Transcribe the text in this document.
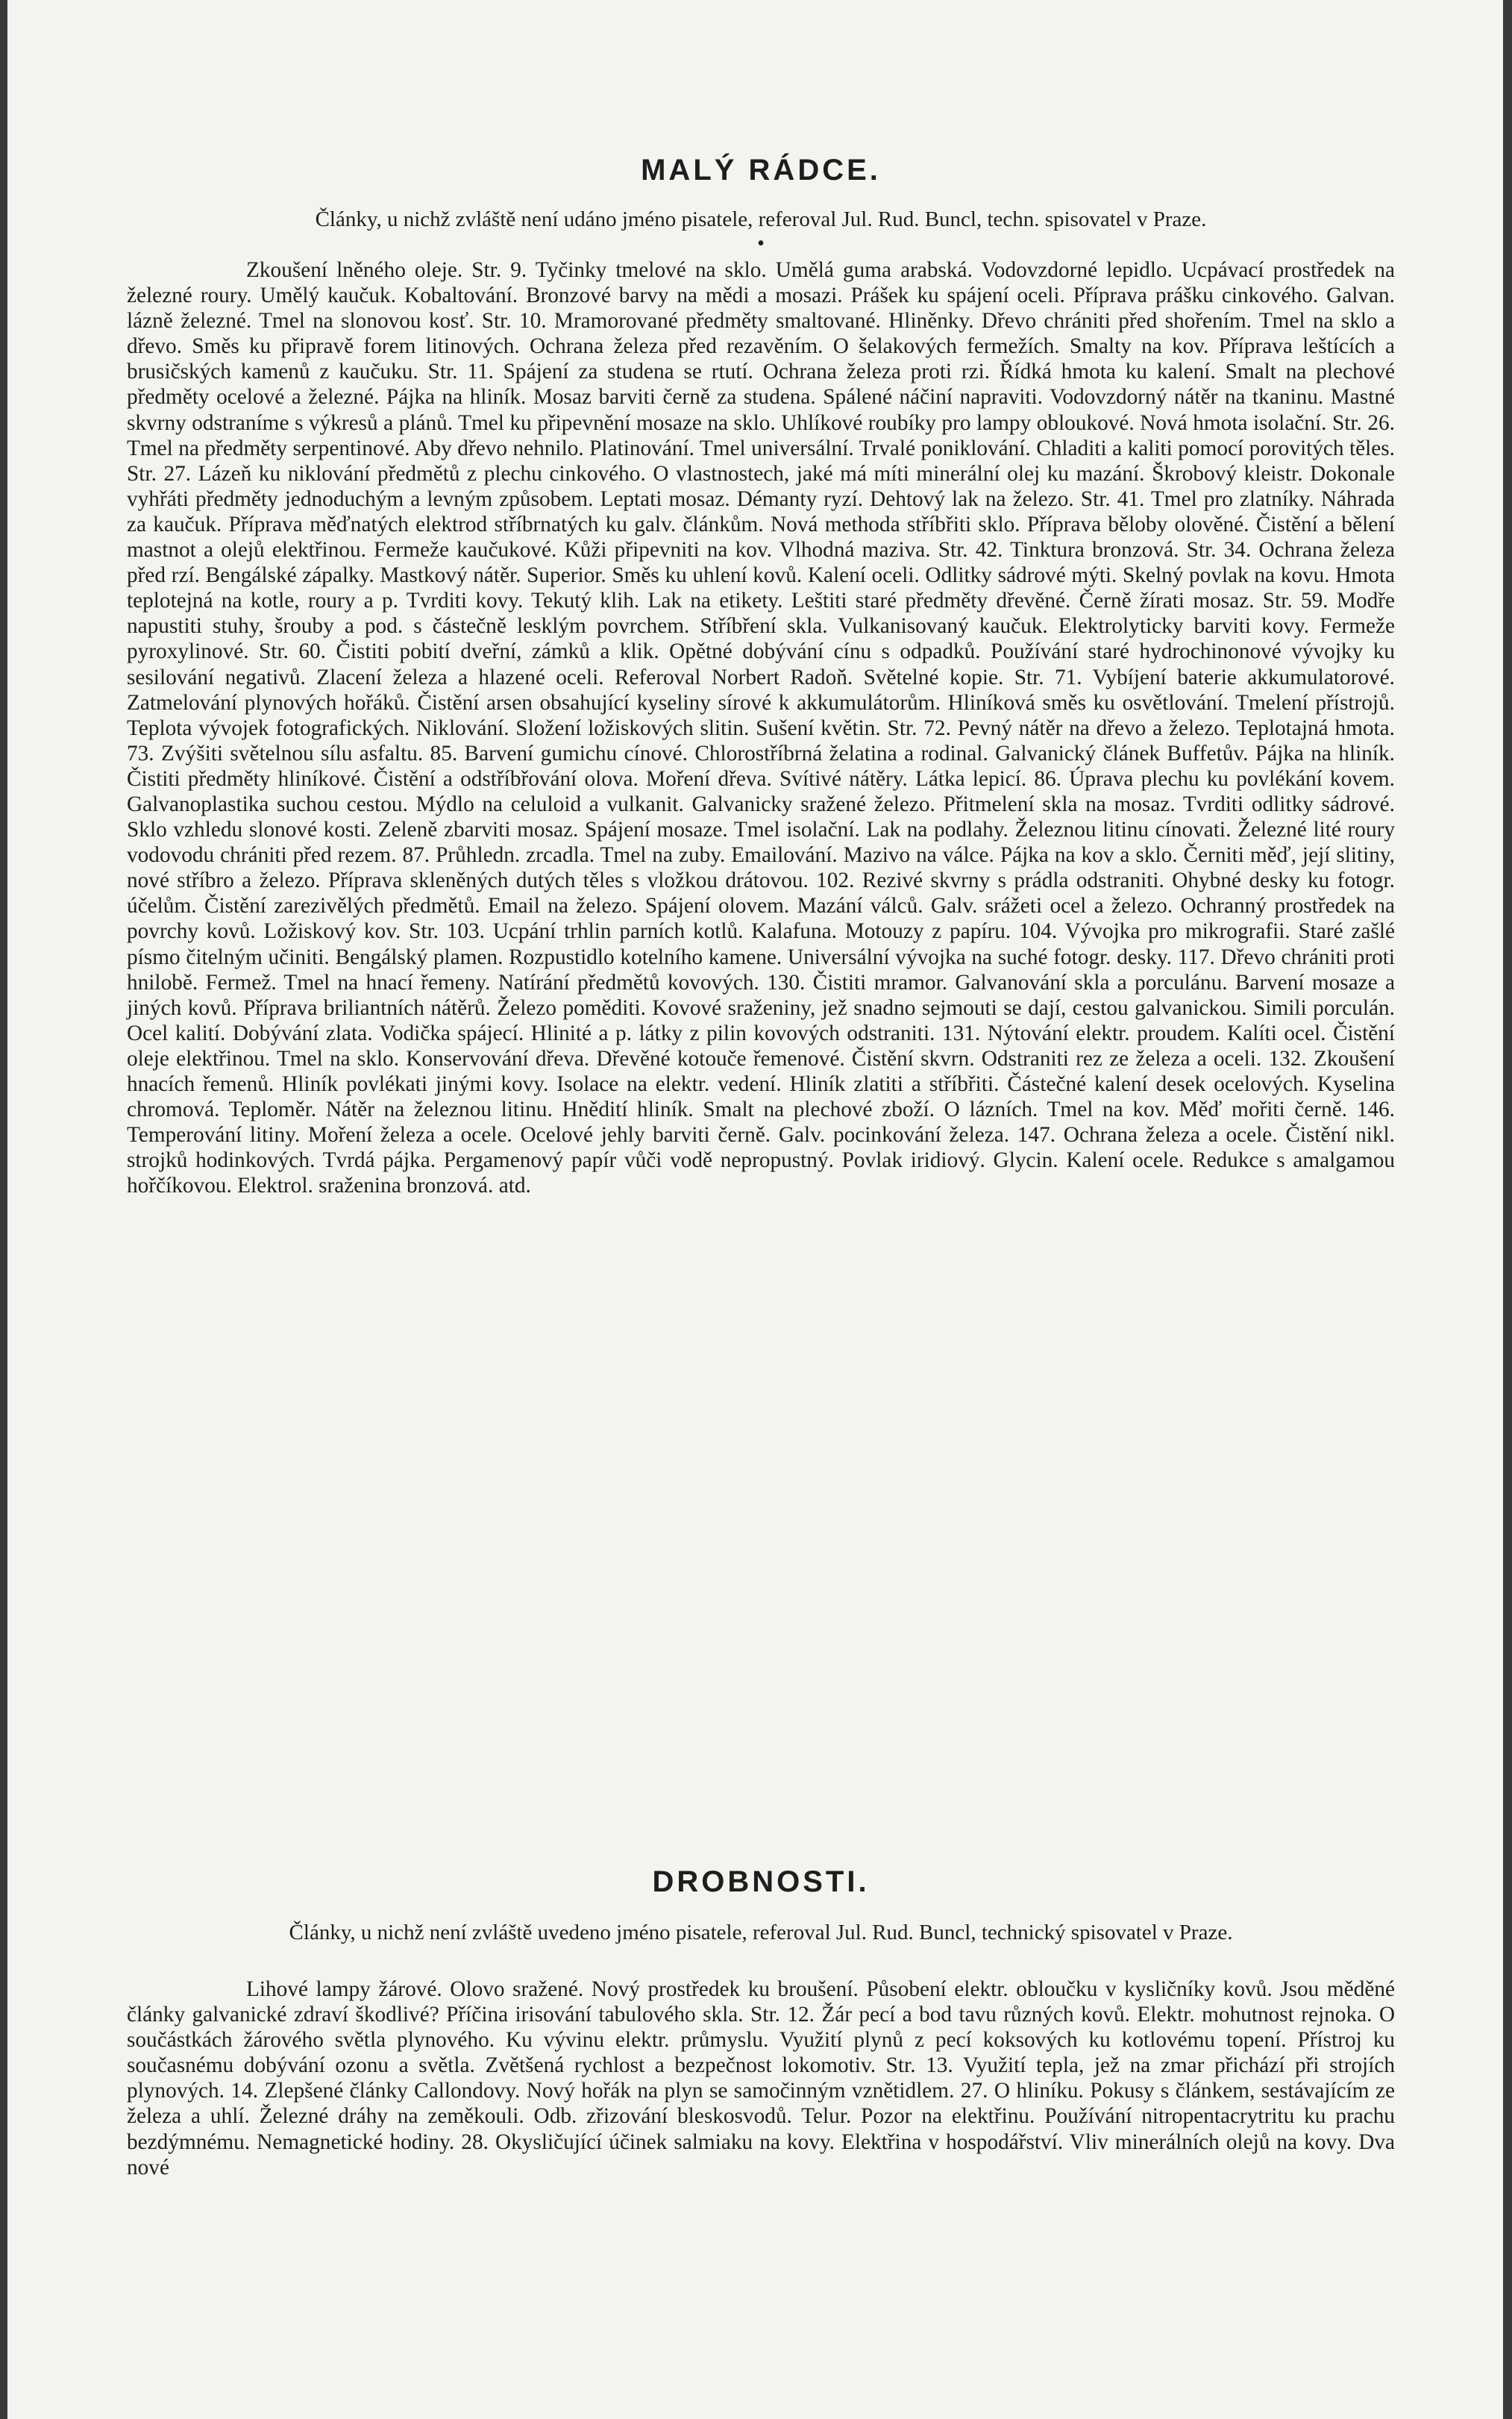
MALÝ RÁDCE.

Články, u nichž zvláště není udáno jméno pisatele, referoval Jul. Rud. Buncl, techn. spisovatel v Praze.

•

Zkoušení lněného oleje. Str. 9. Tyčinky tmelové na sklo. Umělá guma arabská. Vodovzdorné lepidlo. Ucpávací prostředek na železné roury. Umělý kaučuk. Kobaltování. Bronzové barvy na mědi a mosazi. Prášek ku spájení oceli. Příprava prášku cinkového. Galvan. lázně železné. Tmel na slonovou kosť. Str. 10. Mramorované předměty smaltované. Hliněnky. Dřevo chrániti před shořením. Tmel na sklo a dřevo. Směs ku připravě forem litinových. Ochrana železa před rezavěním. O šelakových fermežích. Smalty na kov. Příprava leštících a brusičských kamenů z kaučuku. Str. 11. Spájení za studena se rtutí. Ochrana železa proti rzi. Řídká hmota ku kalení. Smalt na plechové předměty ocelové a železné. Pájka na hliník. Mosaz barviti černě za studena. Spálené náčiní napraviti. Vodovzdorný nátěr na tkaninu. Mastné skvrny odstraníme s výkresů a plánů. Tmel ku připevnění mosaze na sklo. Uhlíkové roubíky pro lampy obloukové. Nová hmota isolační. Str. 26. Tmel na předměty serpentinové. Aby dřevo nehnilo. Platinování. Tmel universální. Trvalé poniklování. Chladiti a kaliti pomocí porovitých těles. Str. 27. Lázeň ku niklování předmětů z plechu cinkového. O vlastnostech, jaké má míti minerální olej ku mazání. Škrobový kleistr. Dokonale vyhřáti předměty jednoduchým a levným způsobem. Leptati mosaz. Démanty ryzí. Dehtový lak na železo. Str. 41. Tmel pro zlatníky. Náhrada za kaučuk. Příprava měďnatých elektrod stříbrnatých ku galv. článkům. Nová methoda stříbřiti sklo. Příprava běloby olověné. Čistění a bělení mastnot a olejů elektřinou. Fermeže kaučukové. Kůži připevniti na kov. Vlhodná maziva. Str. 42. Tinktura bronzová. Str. 34. Ochrana železa před rzí. Bengálské zápalky. Mastkový nátěr. Superior. Směs ku uhlení kovů. Kalení oceli. Odlitky sádrové mýti. Skelný povlak na kovu. Hmota teplotejná na kotle, roury a p. Tvrditi kovy. Tekutý klih. Lak na etikety. Leštiti staré předměty dřevěné. Černě žírati mosaz. Str. 59. Modře napustiti stuhy, šrouby a pod. s částečně lesklým povrchem. Stříbření skla. Vulkanisovaný kaučuk. Elektrolyticky barviti kovy. Fermeže pyroxylinové. Str. 60. Čistiti pobití dveřní, zámků a klik. Opětné dobývání cínu s odpadků. Používání staré hydrochinonové vývojky ku sesilování negativů. Zlacení železa a hlazené oceli. Referoval Norbert Radoň. Světelné kopie. Str. 71. Vybíjení baterie akkumulatorové. Zatmelování plynových hořáků. Čistění arsen obsahující kyseliny sírové k akkumulátorům. Hliníková směs ku osvětlování. Tmelení přístrojů. Teplota vývojek fotografických. Niklování. Složení ložiskových slitin. Sušení květin. Str. 72. Pevný nátěr na dřevo a železo. Teplotajná hmota. 73. Zvýšiti světelnou sílu asfaltu. 85. Barvení gumichu cínové. Chlorostříbrná želatina a rodinal. Galvanický článek Buffetův. Pájka na hliník. Čistiti předměty hliníkové. Čistění a odstříbřování olova. Moření dřeva. Svítivé nátěry. Látka lepicí. 86. Úprava plechu ku povlékání kovem. Galvanoplastika suchou cestou. Mýdlo na celuloid a vulkanit. Galvanicky sražené železo. Přitmelení skla na mosaz. Tvrditi odlitky sádrové. Sklo vzhledu slonové kosti. Zeleně zbarviti mosaz. Spájení mosaze. Tmel isolační. Lak na podlahy. Železnou litinu cínovati. Železné lité roury vodovodu chrániti před rezem. 87. Průhledn. zrcadla. Tmel na zuby. Emailování. Mazivo na válce. Pájka na kov a sklo. Černiti měď, její slitiny, nové stříbro a železo. Příprava skleněných dutých těles s vložkou drátovou. 102. Rezivé skvrny s prádla odstraniti. Ohybné desky ku fotogr. účelům. Čistění zarezivělých předmětů. Email na železo. Spájení olovem. Mazání válců. Galv. srážeti ocel a železo. Ochranný prostředek na povrchy kovů. Ložiskový kov. Str. 103. Ucpání trhlin parních kotlů. Kalafuna. Motouzy z papíru. 104. Vývojka pro mikrografii. Staré zašlé písmo čitelným učiniti. Bengálský plamen. Rozpustidlo kotelního kamene. Universální vývojka na suché fotogr. desky. 117. Dřevo chrániti proti hnilobě. Fermež. Tmel na hnací řemeny. Natírání předmětů kovových. 130. Čistiti mramor. Galvanování skla a porculánu. Barvení mosaze a jiných kovů. Příprava briliantních nátěrů. Železo poměditi. Kovové sraženiny, jež snadno sejmouti se dají, cestou galvanickou. Simili porculán. Ocel kalití. Dobývání zlata. Vodička spájecí. Hlinité a p. látky z pilin kovových odstraniti. 131. Nýtování elektr. proudem. Kalíti ocel. Čistění oleje elektřinou. Tmel na sklo. Konservování dřeva. Dřevěné kotouče řemenové. Čistění skvrn. Odstraniti rez ze železa a oceli. 132. Zkoušení hnacích řemenů. Hliník povlékati jinými kovy. Isolace na elektr. vedení. Hliník zlatiti a stříbřiti. Částečné kalení desek ocelových. Kyselina chromová. Teploměr. Nátěr na železnou litinu. Hnědití hliník. Smalt na plechové zboží. O lázních. Tmel na kov. Měď mořiti černě. 146. Temperování litiny. Moření železa a ocele. Ocelové jehly barviti černě. Galv. pocinkování železa. 147. Ochrana železa a ocele. Čistění nikl. strojků hodinkových. Tvrdá pájka. Pergamenový papír vůči vodě nepropustný. Povlak iridiový. Glycin. Kalení ocele. Redukce s amalgamou hořčíkovou. Elektrol. sraženina bronzová. atd.

DROBNOSTI.

Články, u nichž není zvláště uvedeno jméno pisatele, referoval Jul. Rud. Buncl, technický spisovatel v Praze.

Lihové lampy žárové. Olovo sražené. Nový prostředek ku broušení. Působení elektr. obloučku v kysličníky kovů. Jsou měděné články galvanické zdraví škodlivé? Příčina irisování tabulového skla. Str. 12. Žár pecí a bod tavu různých kovů. Elektr. mohutnost rejnoka. O součástkách žárového světla plynového. Ku vývinu elektr. průmyslu. Využití plynů z pecí koksových ku kotlovému topení. Přístroj ku současnému dobývání ozonu a světla. Zvětšená rychlost a bezpečnost lokomotiv. Str. 13. Využití tepla, jež na zmar přichází při strojích plynových. 14. Zlepšené články Callondovy. Nový hořák na plyn se samočinným vznětidlem. 27. O hliníku. Pokusy s článkem, sestávajícím ze železa a uhlí. Železné dráhy na zeměkouli. Odb. zřizování bleskosvodů. Telur. Pozor na elektřinu. Používání nitropentacrytritu ku prachu bezdýmnému. Nemagnetické hodiny. 28. Okysličující účinek salmiaku na kovy. Elektřina v hospodářství. Vliv minerálních olejů na kovy. Dva nové
